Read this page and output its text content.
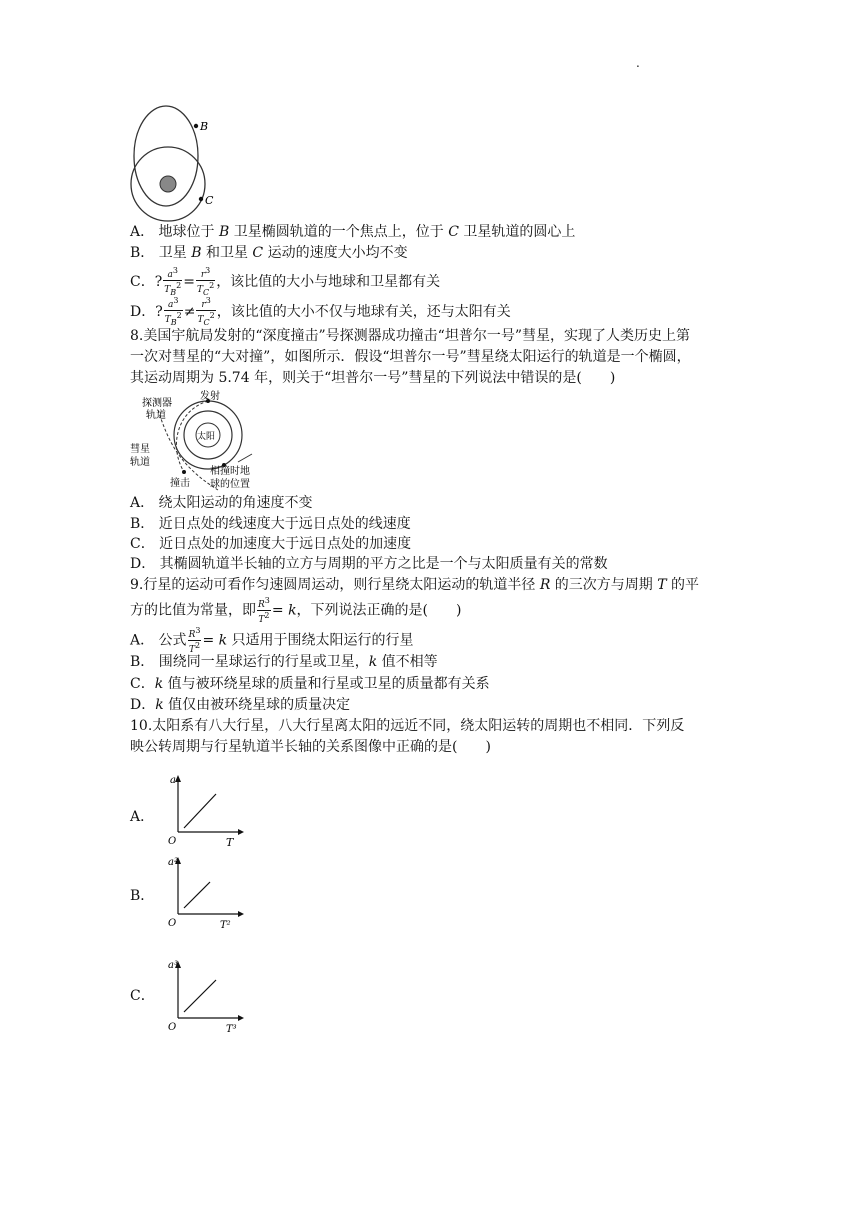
.
B
C
A． 地球位于 B 卫星椭圆轨道的一个焦点上，位于 C 卫星轨道的圆心上
B． 卫星 B 和卫星 C 运动的速度大小均不变
C．? $\frac{a^3}{T_B^2} = \frac{r^3}{T_C^2}$ ，该比值的大小与地球和卫星都有关
D．? $\frac{a^3}{T_B^2} \ne \frac{r^3}{T_C^2}$ ，该比值的大小不仅与地球有关，还与太阳有关
8.美国宇航局发射的“深度撞击”号探测器成功撞击“坦普尔一号”彗星，实现了人类历史上第
一次对彗星的“大对撞”，如图所示．假设“坦普尔一号”彗星绕太阳运行的轨道是一个椭圆，
其运动周期为 5.74 年，则关于“坦普尔一号”彗星的下列说法中错误的是(　　)
探测器
轨道
发射
太阳
彗星
轨道
撞击
相撞时地
球的位置
A． 绕太阳运动的角速度不变
B． 近日点处的线速度大于远日点处的线速度
C． 近日点处的加速度大于远日点处的加速度
D． 其椭圆轨道半长轴的立方与周期的平方之比是一个与太阳质量有关的常数
9.行星的运动可看作匀速圆周运动，则行星绕太阳运动的轨道半径 R 的三次方与周期 T 的平
方的比值为常量，即 $\frac{R^3}{T^2} = k$，下列说法正确的是(　　)
A． 公式 $\frac{R^3}{T^2} = k$ 只适用于围绕太阳运行的行星
B． 围绕同一星球运行的行星或卫星，k 值不相等
C．k 值与被环绕星球的质量和行星或卫星的质量都有关系
D．k 值仅由被环绕星球的质量决定
10.太阳系有八大行星，八大行星离太阳的远近不同，绕太阳运转的周期也不相同．下列反
映公转周期与行星轨道半长轴的关系图像中正确的是(　　)
A．
a
T
O
B．
a²
T²
O
C．
a³
T³
O
